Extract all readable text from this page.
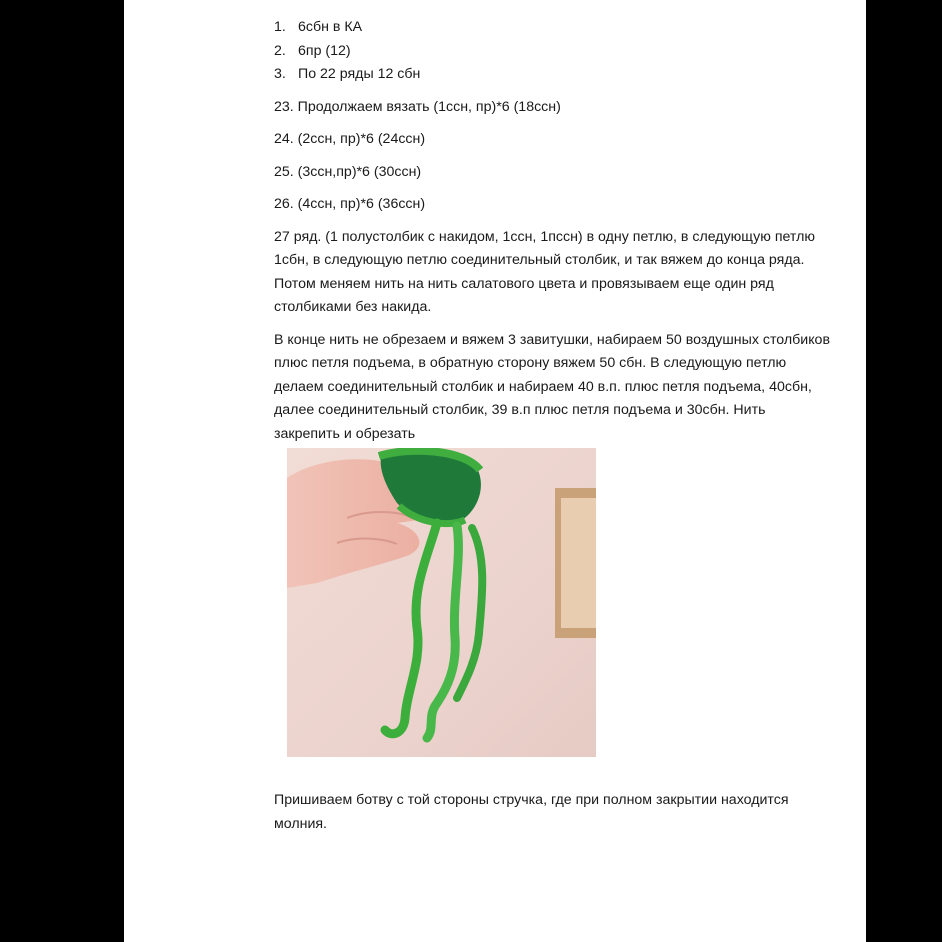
1. 6сбн в КА
2. 6пр (12)
3. По 22 ряды 12 сбн
23. Продолжаем вязать (1ссн, пр)*6 (18ссн)
24. (2ссн, пр)*6 (24ссн)
25. (3ссн,пр)*6 (30ссн)
26. (4ссн, пр)*6 (36ссн)
27 ряд. (1 полустолбик с накидом, 1ссн, 1пссн) в одну петлю, в следующую петлю 1сбн, в следующую петлю соединительный столбик, и так вяжем до конца ряда. Потом меняем нить на нить салатового цвета и провязываем еще один ряд столбиками без накида.
В конце нить не обрезаем и вяжем 3 завитушки, набираем 50 воздушных столбиков плюс петля подъема, в обратную сторону вяжем 50 сбн. В следующую петлю делаем соединительный столбик и набираем 40 в.п. плюс петля подъема, 40сбн, далее соединительный столбик, 39 в.п плюс петля подъема и 30сбн. Нить закрепить и обрезать
Пришиваем ботву с той стороны стручка, где при полном закрытии находится молния.
